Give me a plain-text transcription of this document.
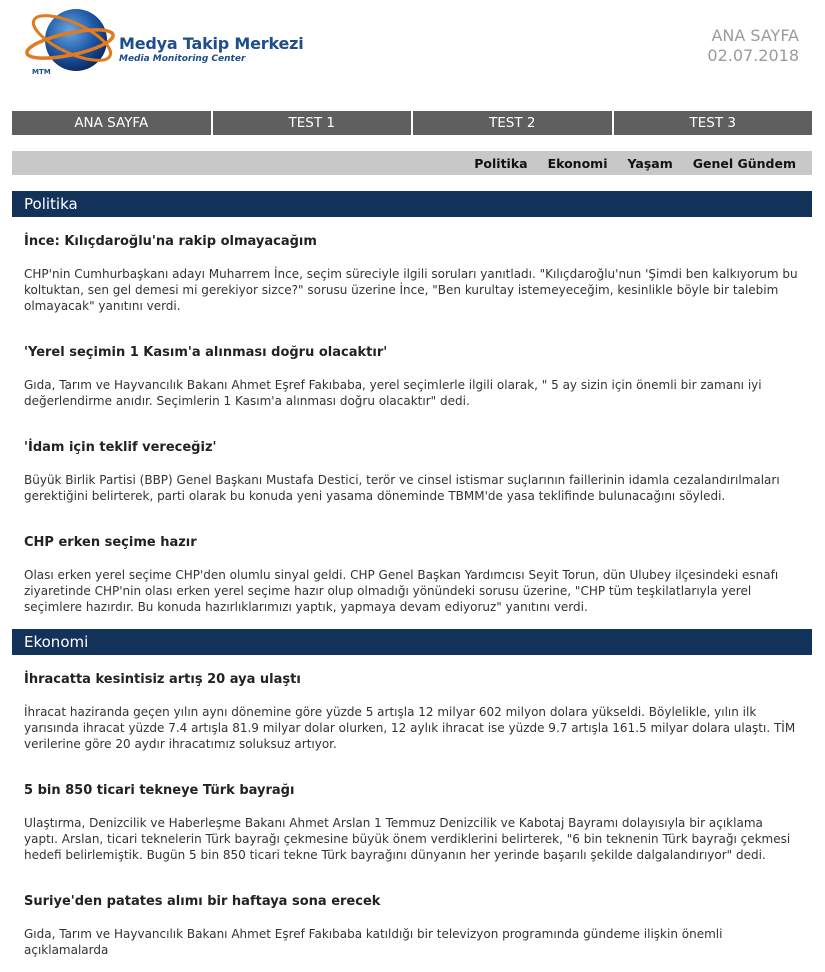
Medya Takip Merkezi
Media Monitoring Center
MTM
ANA SAYFA
02.07.2018
ANA SAYFA	TEST 1	TEST 2	TEST 3
Politika Ekonomi Yaşam Genel Gündem
Politika

İnce: Kılıçdaroğlu'na rakip olmayacağım

CHP'nin Cumhurbaşkanı adayı Muharrem İnce, seçim süreciyle ilgili soruları yanıtladı. "Kılıçdaroğlu'nun 'Şimdi ben kalkıyorum bu koltuktan, sen gel demesi mi gerekiyor sizce?" sorusu üzerine İnce, "Ben kurultay istemeyeceğim, kesinlikle böyle bir talebim olmayacak" yanıtını verdi.

'Yerel seçimin 1 Kasım'a alınması doğru olacaktır'

Gıda, Tarım ve Hayvancılık Bakanı Ahmet Eşref Fakıbaba, yerel seçimlerle ilgili olarak, " 5 ay sizin için önemli bir zamanı iyi değerlendirme anıdır. Seçimlerin 1 Kasım'a alınması doğru olacaktır" dedi.

'İdam için teklif vereceğiz'

Büyük Birlik Partisi (BBP) Genel Başkanı Mustafa Destici, terör ve cinsel istismar suçlarının faillerinin idamla cezalandırılmaları gerektiğini belirterek, parti olarak bu konuda yeni yasama döneminde TBMM'de yasa teklifinde bulunacağını söyledi.

CHP erken seçime hazır

Olası erken yerel seçime CHP'den olumlu sinyal geldi. CHP Genel Başkan Yardımcısı Seyit Torun, dün Ulubey ilçesindeki esnafı ziyaretinde CHP'nin olası erken yerel seçime hazır olup olmadığı yönündeki sorusu üzerine, "CHP tüm teşkilatlarıyla yerel seçimlere hazırdır. Bu konuda hazırlıklarımızı yaptık, yapmaya devam ediyoruz" yanıtını verdi.

Ekonomi

İhracatta kesintisiz artış 20 aya ulaştı

İhracat haziranda geçen yılın aynı dönemine göre yüzde 5 artışla 12 milyar 602 milyon dolara yükseldi. Böylelikle, yılın ilk yarısında ihracat yüzde 7.4 artışla 81.9 milyar dolar olurken, 12 aylık ihracat ise yüzde 9.7 artışla 161.5 milyar dolara ulaştı. TİM verilerine göre 20 aydır ihracatımız soluksuz artıyor.

5 bin 850 ticari tekneye Türk bayrağı

Ulaştırma, Denizcilik ve Haberleşme Bakanı Ahmet Arslan 1 Temmuz Denizcilik ve Kabotaj Bayramı dolayısıyla bir açıklama yaptı. Arslan, ticari teknelerin Türk bayrağı çekmesine büyük önem verdiklerini belirterek, "6 bin teknenin Türk bayrağı çekmesi hedefi belirlemiştik. Bugün 5 bin 850 ticari tekne Türk bayrağını dünyanın her yerinde başarılı şekilde dalgalandırıyor" dedi.

Suriye'den patates alımı bir haftaya sona erecek

Gıda, Tarım ve Hayvancılık Bakanı Ahmet Eşref Fakıbaba katıldığı bir televizyon programında gündeme ilişkin önemli açıklamalarda
